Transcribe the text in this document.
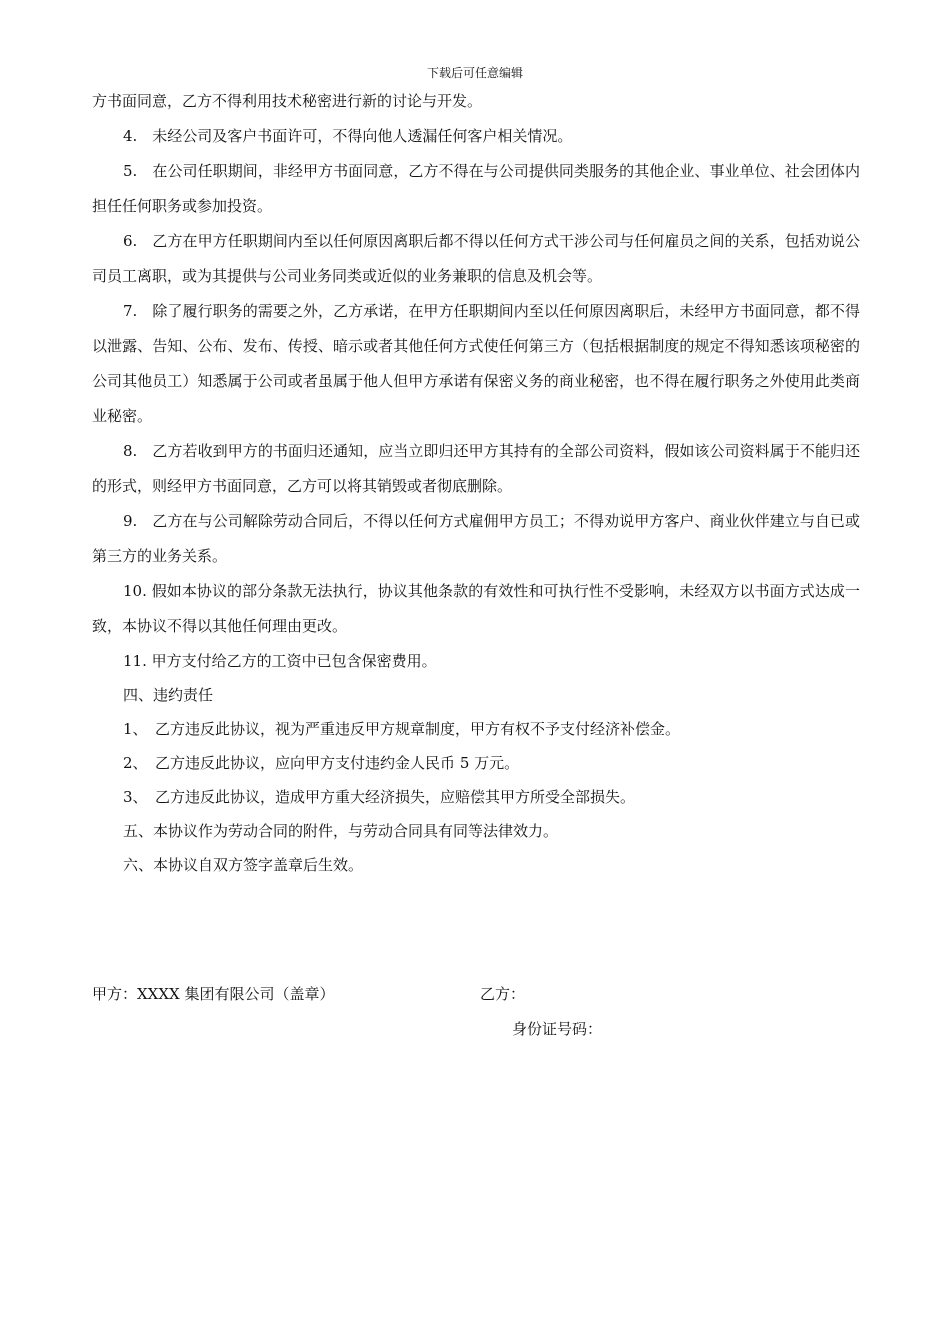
下载后可任意编辑

方书面同意，乙方不得利用技术秘密进行新的讨论与开发。

4.　未经公司及客户书面许可，不得向他人透漏任何客户相关情况。

5.　在公司任职期间，非经甲方书面同意，乙方不得在与公司提供同类服务的其他企业、事业单位、社会团体内担任任何职务或参加投资。

6.　乙方在甲方任职期间内至以任何原因离职后都不得以任何方式干涉公司与任何雇员之间的关系，包括劝说公司员工离职，或为其提供与公司业务同类或近似的业务兼职的信息及机会等。

7.　除了履行职务的需要之外，乙方承诺，在甲方任职期间内至以任何原因离职后，未经甲方书面同意，都不得以泄露、告知、公布、发布、传授、暗示或者其他任何方式使任何第三方（包括根据制度的规定不得知悉该项秘密的公司其他员工）知悉属于公司或者虽属于他人但甲方承诺有保密义务的商业秘密，也不得在履行职务之外使用此类商业秘密。

8.　乙方若收到甲方的书面归还通知，应当立即归还甲方其持有的全部公司资料，假如该公司资料属于不能归还的形式，则经甲方书面同意，乙方可以将其销毁或者彻底删除。

9.　乙方在与公司解除劳动合同后，不得以任何方式雇佣甲方员工；不得劝说甲方客户、商业伙伴建立与自已或第三方的业务关系。

10. 假如本协议的部分条款无法执行，协议其他条款的有效性和可执行性不受影响，未经双方以书面方式达成一致，本协议不得以其他任何理由更改。

11. 甲方支付给乙方的工资中已包含保密费用。

四、违约责任

1、　乙方违反此协议，视为严重违反甲方规章制度，甲方有权不予支付经济补偿金。

2、　乙方违反此协议，应向甲方支付违约金人民币 5 万元。

3、　乙方违反此协议，造成甲方重大经济损失，应赔偿其甲方所受全部损失。

五、本协议作为劳动合同的附件，与劳动合同具有同等法律效力。

六、本协议自双方签字盖章后生效。

甲方：XXXX 集团有限公司（盖章）	乙方：
身份证号码：
